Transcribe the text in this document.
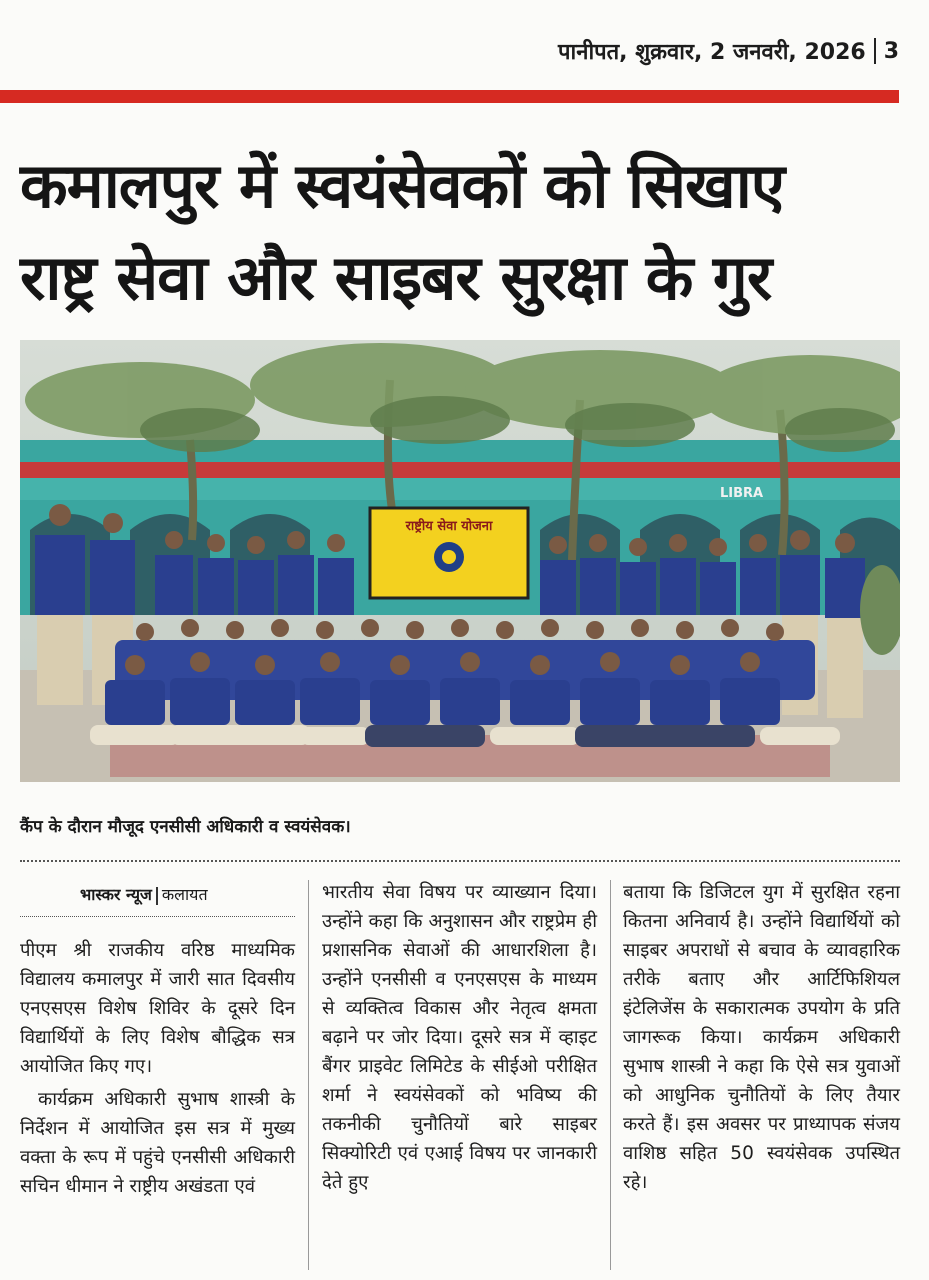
पानीपत, शुक्रवार, 2 जनवरी, 2026 3
कमालपुर में स्वयंसेवकों को सिखाए
राष्ट्र सेवा और साइबर सुरक्षा के गुर
LIBRA
राष्ट्रीय सेवा योजना
कैंप के दौरान मौजूद एनसीसी अधिकारी व स्वयंसेवक।
भास्कर न्यूज कलायत

पीएम श्री राजकीय वरिष्ठ माध्यमिक विद्यालय कमालपुर में जारी सात दिवसीय एनएसएस विशेष शिविर के दूसरे दिन विद्यार्थियों के लिए विशेष बौद्धिक सत्र आयोजित किए गए।

कार्यक्रम अधिकारी सुभाष शास्त्री के निर्देशन में आयोजित इस सत्र में मुख्य वक्ता के रूप में पहुंचे एनसीसी अधिकारी सचिन धीमान ने राष्ट्रीय अखंडता एवं

भारतीय सेवा विषय पर व्याख्यान दिया। उन्होंने कहा कि अनुशासन और राष्ट्रप्रेम ही प्रशासनिक सेवाओं की आधारशिला है। उन्होंने एनसीसी व एनएसएस के माध्यम से व्यक्तित्व विकास और नेतृत्व क्षमता बढ़ाने पर जोर दिया। दूसरे सत्र में व्हाइट बैंगर प्राइवेट लिमिटेड के सीईओ परीक्षित शर्मा ने स्वयंसेवकों को भविष्य की तकनीकी चुनौतियों बारे साइबर सिक्योरिटी एवं एआई विषय पर जानकारी देते हुए

बताया कि डिजिटल युग में सुरक्षित रहना कितना अनिवार्य है। उन्होंने विद्यार्थियों को साइबर अपराधों से बचाव के व्यावहारिक तरीके बताए और आर्टिफिशियल इंटेलिजेंस के सकारात्मक उपयोग के प्रति जागरूक किया। कार्यक्रम अधिकारी सुभाष शास्त्री ने कहा कि ऐसे सत्र युवाओं को आधुनिक चुनौतियों के लिए तैयार करते हैं। इस अवसर पर प्राध्यापक संजय वाशिष्ठ सहित 50 स्वयंसेवक उपस्थित रहे।
